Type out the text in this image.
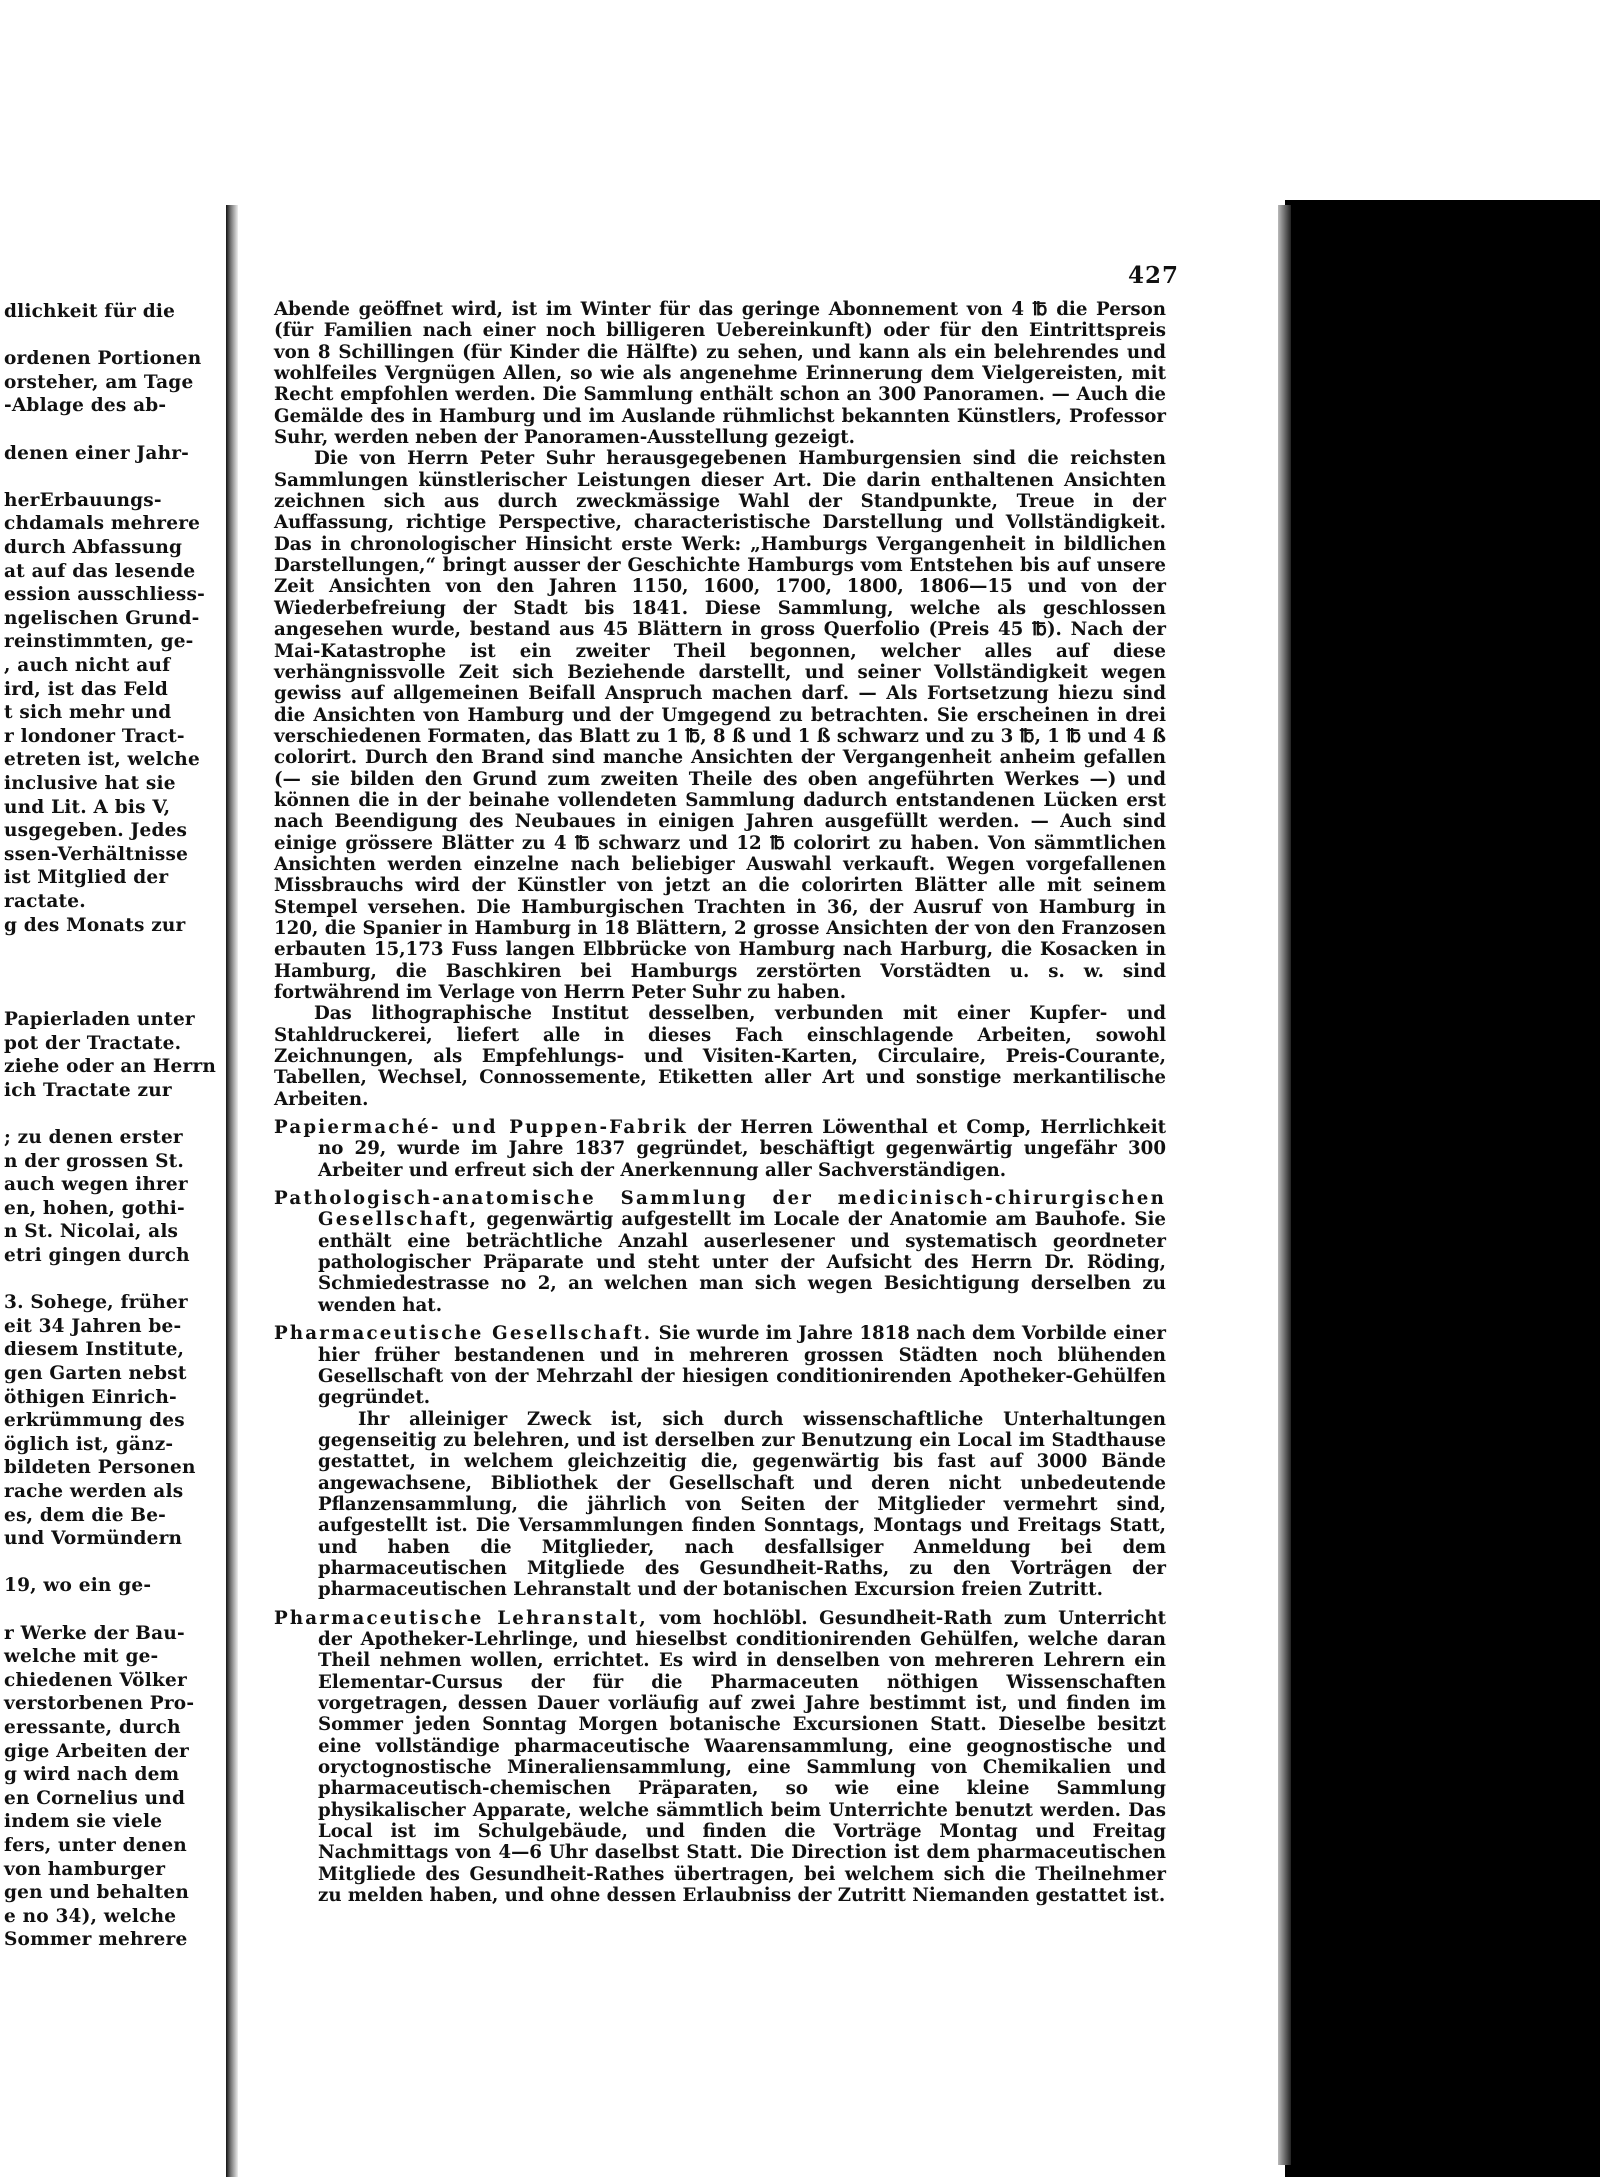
dlichkeit für die
ordenen Portionen
orsteher, am Tage
-Ablage des ab-
denen einer Jahr-
herErbauungs-
chdamals mehrere
durch Abfassung
at auf das lesende
ession ausschliess-
ngelischen Grund-
reinstimmten, ge-
, auch nicht auf
ird, ist das Feld
t sich mehr und
r londoner Tract-
etreten ist, welche
inclusive hat sie
und Lit. A bis V,
usgegeben. Jedes
ssen-Verhältnisse
ist Mitglied der
ractate.
g des Monats zur
Papierladen unter
pot der Tractate.
ziehe oder an Herrn
ich Tractate zur
; zu denen erster
n der grossen St.
auch wegen ihrer
en, hohen, gothi-
n St. Nicolai, als
etri gingen durch
3. Sohege, früher
eit 34 Jahren be-
diesem Institute,
gen Garten nebst
öthigen Einrich-
erkrümmung des
öglich ist, gänz-
bildeten Personen
rache werden als
es, dem die Be-
und Vormündern
19, wo ein ge-
r Werke der Bau-
welche mit ge-
chiedenen Völker
verstorbenen Pro-
eressante, durch
gige Arbeiten der
g wird nach dem
en Cornelius und
indem sie viele
fers, unter denen
von hamburger
gen und behalten
e no 34), welche
Sommer mehrere
427

Abende geöffnet wird, ist im Winter für das geringe Abonnement von 4 ℔ die Person (für Familien nach einer noch billigeren Uebereinkunft) oder für den Eintrittspreis von 8 Schillingen (für Kinder die Hälfte) zu sehen, und kann als ein belehrendes und wohlfeiles Vergnügen Allen, so wie als angenehme Erinnerung dem Vielgereisten, mit Recht empfohlen werden. Die Sammlung enthält schon an 300 Panoramen. — Auch die Gemälde des in Hamburg und im Auslande rühmlichst bekannten Künstlers, Professor Suhr, werden neben der Panoramen-Ausstellung gezeigt.

Die von Herrn Peter Suhr herausgegebenen Hamburgensien sind die reichsten Sammlungen künstlerischer Leistungen dieser Art. Die darin enthaltenen Ansichten zeichnen sich aus durch zweckmässige Wahl der Standpunkte, Treue in der Auffassung, richtige Perspective, characteristische Darstellung und Vollständigkeit. Das in chronologischer Hinsicht erste Werk: „Hamburgs Vergangenheit in bildlichen Darstellungen,“ bringt ausser der Geschichte Hamburgs vom Entstehen bis auf unsere Zeit Ansichten von den Jahren 1150, 1600, 1700, 1800, 1806—15 und von der Wiederbefreiung der Stadt bis 1841. Diese Sammlung, welche als geschlossen angesehen wurde, bestand aus 45 Blättern in gross Querfolio (Preis 45 ℔). Nach der Mai-Katastrophe ist ein zweiter Theil begonnen, welcher alles auf diese verhängnissvolle Zeit sich Beziehende darstellt, und seiner Vollständigkeit wegen gewiss auf allgemeinen Beifall Anspruch machen darf. — Als Fortsetzung hiezu sind die Ansichten von Hamburg und der Umgegend zu betrachten. Sie erscheinen in drei verschiedenen Formaten, das Blatt zu 1 ℔, 8 ß und 1 ß schwarz und zu 3 ℔, 1 ℔ und 4 ß colorirt. Durch den Brand sind manche Ansichten der Vergangenheit anheim gefallen (— sie bilden den Grund zum zweiten Theile des oben angeführten Werkes —) und können die in der beinahe vollendeten Sammlung dadurch entstandenen Lücken erst nach Beendigung des Neubaues in einigen Jahren ausgefüllt werden. — Auch sind einige grössere Blätter zu 4 ℔ schwarz und 12 ℔ colorirt zu haben. Von sämmtlichen Ansichten werden einzelne nach beliebiger Auswahl verkauft. Wegen vorgefallenen Missbrauchs wird der Künstler von jetzt an die colorirten Blätter alle mit seinem Stempel versehen. Die Hamburgischen Trachten in 36, der Ausruf von Hamburg in 120, die Spanier in Hamburg in 18 Blättern, 2 grosse Ansichten der von den Franzosen erbauten 15,173 Fuss langen Elbbrücke von Hamburg nach Harburg, die Kosacken in Hamburg, die Baschkiren bei Hamburgs zerstörten Vorstädten u. s. w. sind fortwährend im Verlage von Herrn Peter Suhr zu haben.

Das lithographische Institut desselben, verbunden mit einer Kupfer- und Stahldruckerei, liefert alle in dieses Fach einschlagende Arbeiten, sowohl Zeichnungen, als Empfehlungs- und Visiten-Karten, Circulaire, Preis-Courante, Tabellen, Wechsel, Connossemente, Etiketten aller Art und sonstige merkantilische Arbeiten.

Papiermaché- und Puppen-Fabrik der Herren Löwenthal et Comp, Herrlichkeit no 29, wurde im Jahre 1837 gegründet, beschäftigt gegenwärtig ungefähr 300 Arbeiter und erfreut sich der Anerkennung aller Sachverständigen.

Pathologisch-anatomische Sammlung der medicinisch-chirurgischen Gesellschaft, gegenwärtig aufgestellt im Locale der Anatomie am Bauhofe. Sie enthält eine beträchtliche Anzahl auserlesener und systematisch geordneter pathologischer Präparate und steht unter der Aufsicht des Herrn Dr. Röding, Schmiedestrasse no 2, an welchen man sich wegen Besichtigung derselben zu wenden hat.

Pharmaceutische Gesellschaft. Sie wurde im Jahre 1818 nach dem Vorbilde einer hier früher bestandenen und in mehreren grossen Städten noch blühenden Gesellschaft von der Mehrzahl der hiesigen conditionirenden Apotheker-Gehülfen gegründet.

Ihr alleiniger Zweck ist, sich durch wissenschaftliche Unterhaltungen gegenseitig zu belehren, und ist derselben zur Benutzung ein Local im Stadthause gestattet, in welchem gleichzeitig die, gegenwärtig bis fast auf 3000 Bände angewachsene, Bibliothek der Gesellschaft und deren nicht unbedeutende Pflanzensammlung, die jährlich von Seiten der Mitglieder vermehrt sind, aufgestellt ist. Die Versammlungen finden Sonntags, Montags und Freitags Statt, und haben die Mitglieder, nach desfallsiger Anmeldung bei dem pharmaceutischen Mitgliede des Gesundheit-Raths, zu den Vorträgen der pharmaceutischen Lehranstalt und der botanischen Excursion freien Zutritt.

Pharmaceutische Lehranstalt, vom hochlöbl. Gesundheit-Rath zum Unterricht der Apotheker-Lehrlinge, und hieselbst conditionirenden Gehülfen, welche daran Theil nehmen wollen, errichtet. Es wird in denselben von mehreren Lehrern ein Elementar-Cursus der für die Pharmaceuten nöthigen Wissenschaften vorgetragen, dessen Dauer vorläufig auf zwei Jahre bestimmt ist, und finden im Sommer jeden Sonntag Morgen botanische Excursionen Statt. Dieselbe besitzt eine vollständige pharmaceutische Waarensammlung, eine geognostische und oryctognostische Mineraliensammlung, eine Sammlung von Chemikalien und pharmaceutisch-chemischen Präparaten, so wie eine kleine Sammlung physikalischer Apparate, welche sämmtlich beim Unterrichte benutzt werden. Das Local ist im Schulgebäude, und finden die Vorträge Montag und Freitag Nachmittags von 4—6 Uhr daselbst Statt. Die Direction ist dem pharmaceutischen Mitgliede des Gesundheit-Rathes übertragen, bei welchem sich die Theilnehmer zu melden haben, und ohne dessen Erlaubniss der Zutritt Niemanden gestattet ist.
